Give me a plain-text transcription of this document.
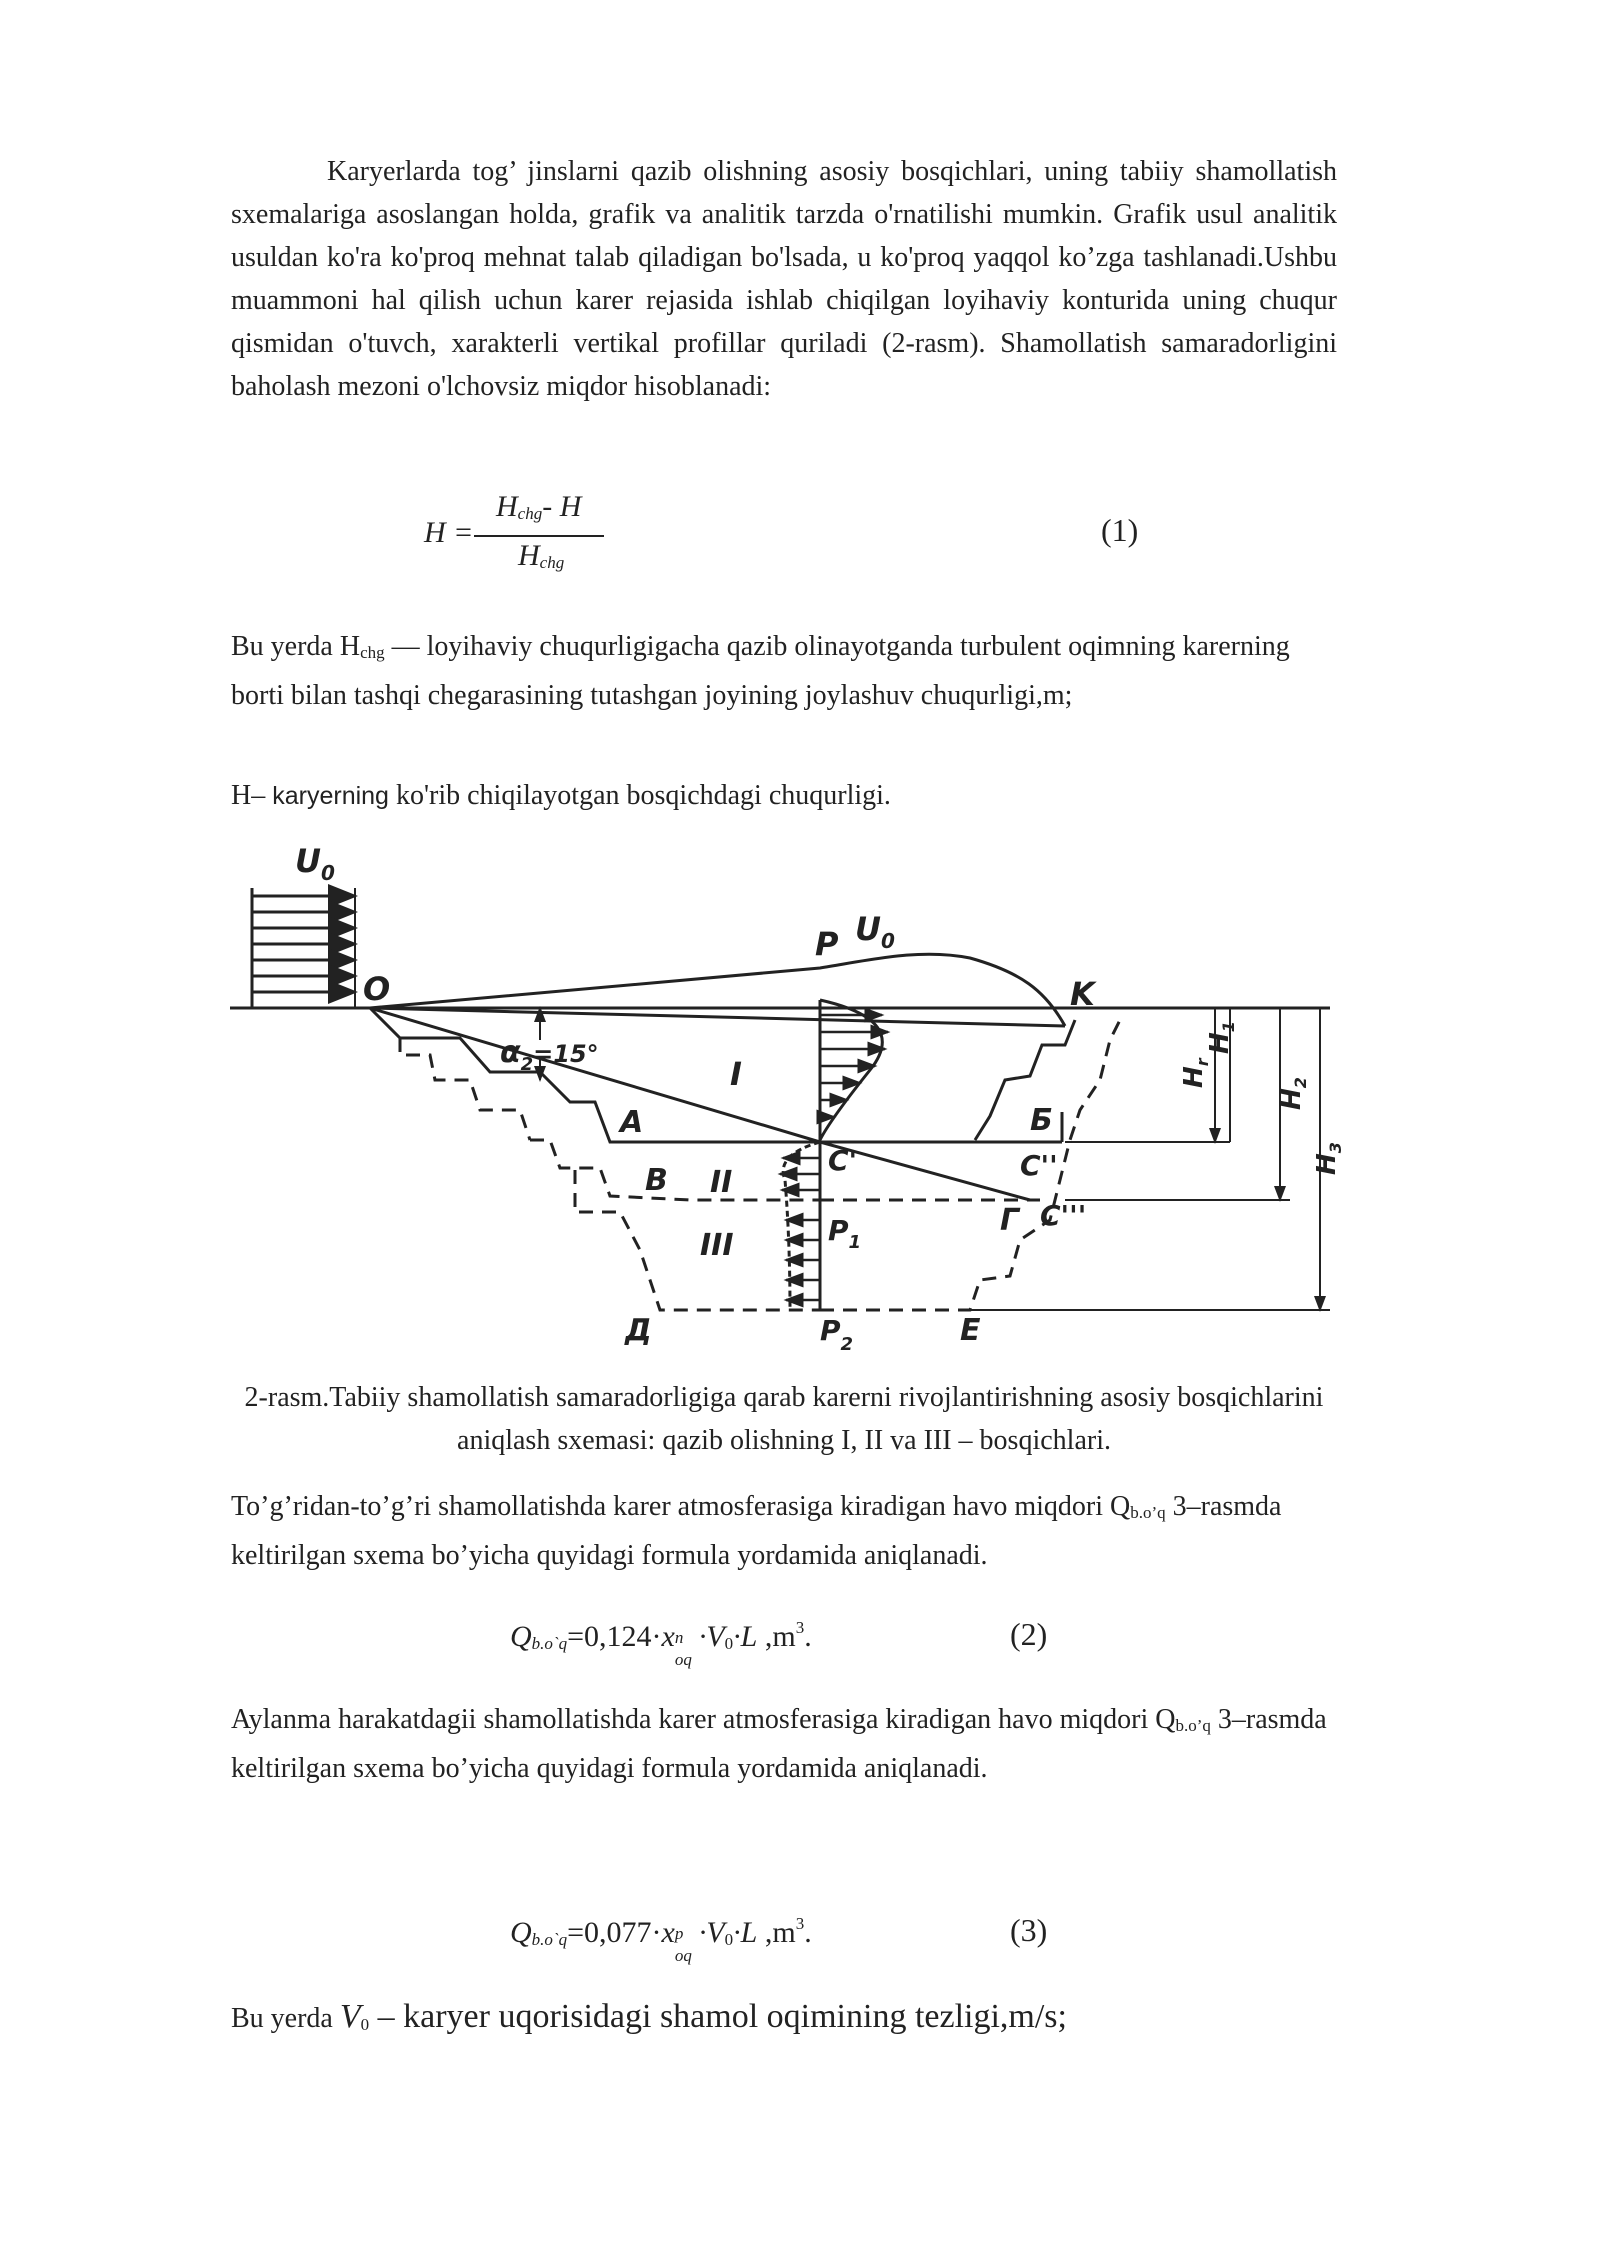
Karyerlarda tog’ jinslarni qazib olishning asosiy bosqichlari, uning tabiiy shamollatish sxemalariga asoslangan holda, grafik va analitik tarzda o'rnatilishi mumkin. Grafik usul analitik usuldan ko'ra ko'proq mehnat talab qiladigan bo'lsada, u ko'proq yaqqol ko’zga tashlanadi.Ushbu muammoni hal qilish uchun karer rejasida ishlab chiqilgan loyihaviy konturida uning chuqur qismidan o'tuvch, xarakterli vertikal profillar quriladi (2-rasm). Shamollatish samaradorligini baholash mezoni o'lchovsiz miqdor hisoblanadi:

H =
Hchg- H
Hchg
(1)

Bu yerda Hchg — loyihaviy chuqurligigacha qazib olinayotganda turbulent oqimning karerning borti bilan tashqi chegarasining tutashgan joyining joylashuv chuqurligi,m;

H– karyerning ko'rib chiqilayotgan bosqichdagi chuqurligi.

$U_0$
O
P $U_0$
K
$\alpha_2^{=15^\circ}$
I
A	Б
C'	C''
C'''
B II
Г
$P_1$
III
Д	$P_2$	E
$H_r$
$H_1$
$H_2$
$H_3$

2-rasm.Tabiiy shamollatish samaradorligiga qarab karerni rivojlantirishning asosiy bosqichlarini aniqlash sxemasi: qazib olishning I, II va III – bosqichlari.

To’g’ridan-to’g’ri shamollatishda karer atmosferasiga kiradigan havo miqdori Qb.o’q 3–rasmda keltirilgan sxema bo’yicha quyidagi formula yordamida aniqlanadi.

Qb.o`q=0,124·x n
oq
·V0·L $,m^3$.	(2)

Aylanma harakatdagii shamollatishda karer atmosferasiga kiradigan havo miqdori Qb.o’q 3–rasmda keltirilgan sxema bo’yicha quyidagi formula yordamida aniqlanadi.

Qb.o`q=0,077·x p
oq
·V0·L $,m^3$.	(3)

Bu yerda V0 – karyer uqorisidagi shamol oqimining tezligi,m/s;
